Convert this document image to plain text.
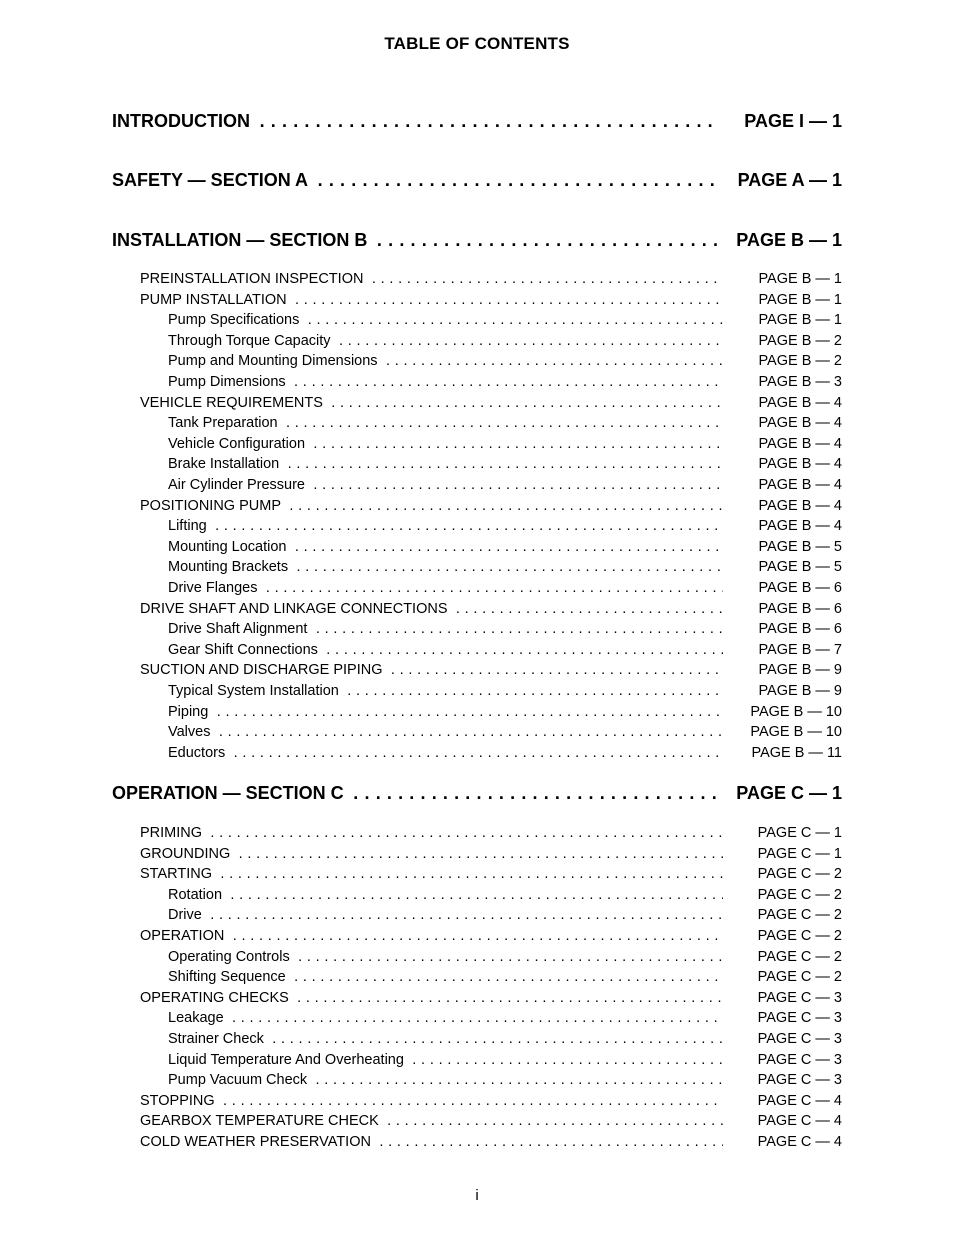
TABLE OF CONTENTS
INTRODUCTION . . .	PAGE I — 1
SAFETY — SECTION A . . .	PAGE A — 1
INSTALLATION — SECTION B . . .	PAGE B — 1
PREINSTALLATION INSPECTION . . .	PAGE B — 1
PUMP INSTALLATION . . .	PAGE B — 1
Pump Specifications . . .	PAGE B — 1
Through Torque Capacity . . .	PAGE B — 2
Pump and Mounting Dimensions . . .	PAGE B — 2
Pump Dimensions . . .	PAGE B — 3
VEHICLE REQUIREMENTS . . .	PAGE B — 4
Tank Preparation . . .	PAGE B — 4
Vehicle Configuration . . .	PAGE B — 4
Brake Installation . . .	PAGE B — 4
Air Cylinder Pressure . . .	PAGE B — 4
POSITIONING PUMP . . .	PAGE B — 4
Lifting . . .	PAGE B — 4
Mounting Location . . .	PAGE B — 5
Mounting Brackets . . .	PAGE B — 5
Drive Flanges . . .	PAGE B — 6
DRIVE SHAFT AND LINKAGE CONNECTIONS . . .	PAGE B — 6
Drive Shaft Alignment . . .	PAGE B — 6
Gear Shift Connections . . .	PAGE B — 7
SUCTION AND DISCHARGE PIPING . . .	PAGE B — 9
Typical System Installation . . .	PAGE B — 9
Piping . . .	PAGE B — 10
Valves . . .	PAGE B — 10
Eductors . . .	PAGE B — 11
OPERATION — SECTION C . . .	PAGE C — 1
PRIMING . . .	PAGE C — 1
GROUNDING . . .	PAGE C — 1
STARTING . . .	PAGE C — 2
Rotation . . .	PAGE C — 2
Drive . . .	PAGE C — 2
OPERATION . . .	PAGE C — 2
Operating Controls . . .	PAGE C — 2
Shifting Sequence . . .	PAGE C — 2
OPERATING CHECKS . . .	PAGE C — 3
Leakage . . .	PAGE C — 3
Strainer Check . . .	PAGE C — 3
Liquid Temperature And Overheating . . .	PAGE C — 3
Pump Vacuum Check . . .	PAGE C — 3
STOPPING . . .	PAGE C — 4
GEARBOX TEMPERATURE CHECK . . .	PAGE C — 4
COLD WEATHER PRESERVATION . . .	PAGE C — 4
i
